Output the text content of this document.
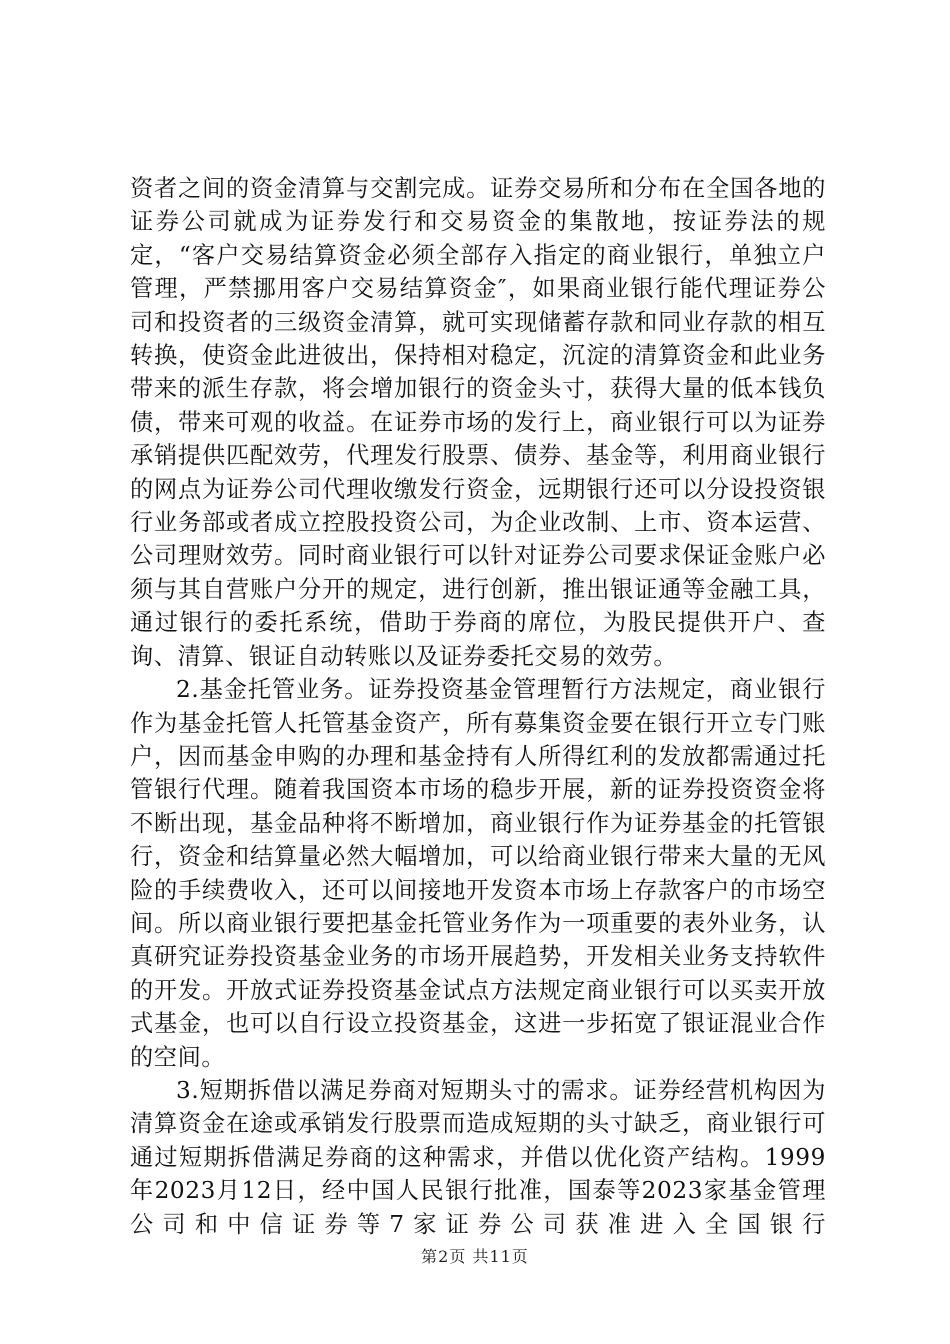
资者之间的资金清算与交割完成。证券交易所和分布在全国各地的证券公司就成为证券发行和交易资金的集散地，按证券法的规定，“客户交易结算资金必须全部存入指定的商业银行，单独立户管理，严禁挪用客户交易结算资金″，如果商业银行能代理证券公司和投资者的三级资金清算，就可实现储蓄存款和同业存款的相互转换，使资金此进彼出，保持相对稳定，沉淀的清算资金和此业务带来的派生存款，将会增加银行的资金头寸，获得大量的低本钱负债，带来可观的收益。在证券市场的发行上，商业银行可以为证券承销提供匹配效劳，代理发行股票、债券、基金等，利用商业银行的网点为证券公司代理收缴发行资金，远期银行还可以分设投资银行业务部或者成立控股投资公司，为企业改制、上市、资本运营、公司理财效劳。同时商业银行可以针对证券公司要求保证金账户必须与其自营账户分开的规定，进行创新，推出银证通等金融工具，通过银行的委托系统，借助于券商的席位，为股民提供开户、查询、清算、银证自动转账以及证券委托交易的效劳。

2.基金托管业务。证券投资基金管理暂行方法规定，商业银行作为基金托管人托管基金资产，所有募集资金要在银行开立专门账户，因而基金申购的办理和基金持有人所得红利的发放都需通过托管银行代理。随着我国资本市场的稳步开展，新的证券投资资金将不断出现，基金品种将不断增加，商业银行作为证券基金的托管银行，资金和结算量必然大幅增加，可以给商业银行带来大量的无风险的手续费收入，还可以间接地开发资本市场上存款客户的市场空间。所以商业银行要把基金托管业务作为一项重要的表外业务，认真研究证券投资基金业务的市场开展趋势，开发相关业务支持软件的开发。开放式证券投资基金试点方法规定商业银行可以买卖开放式基金，也可以自行设立投资基金，这进一步拓宽了银证混业合作的空间。

3.短期拆借以满足券商对短期头寸的需求。证券经营机构因为清算资金在途或承销发行股票而造成短期的头寸缺乏，商业银行可通过短期拆借满足券商的这种需求，并借以优化资产结构。1999年2023月12日，经中国人民银行批准，国泰等2023家基金管理公司和中信证券等7家证券公司获准进入全国银行

第2页 共11页
